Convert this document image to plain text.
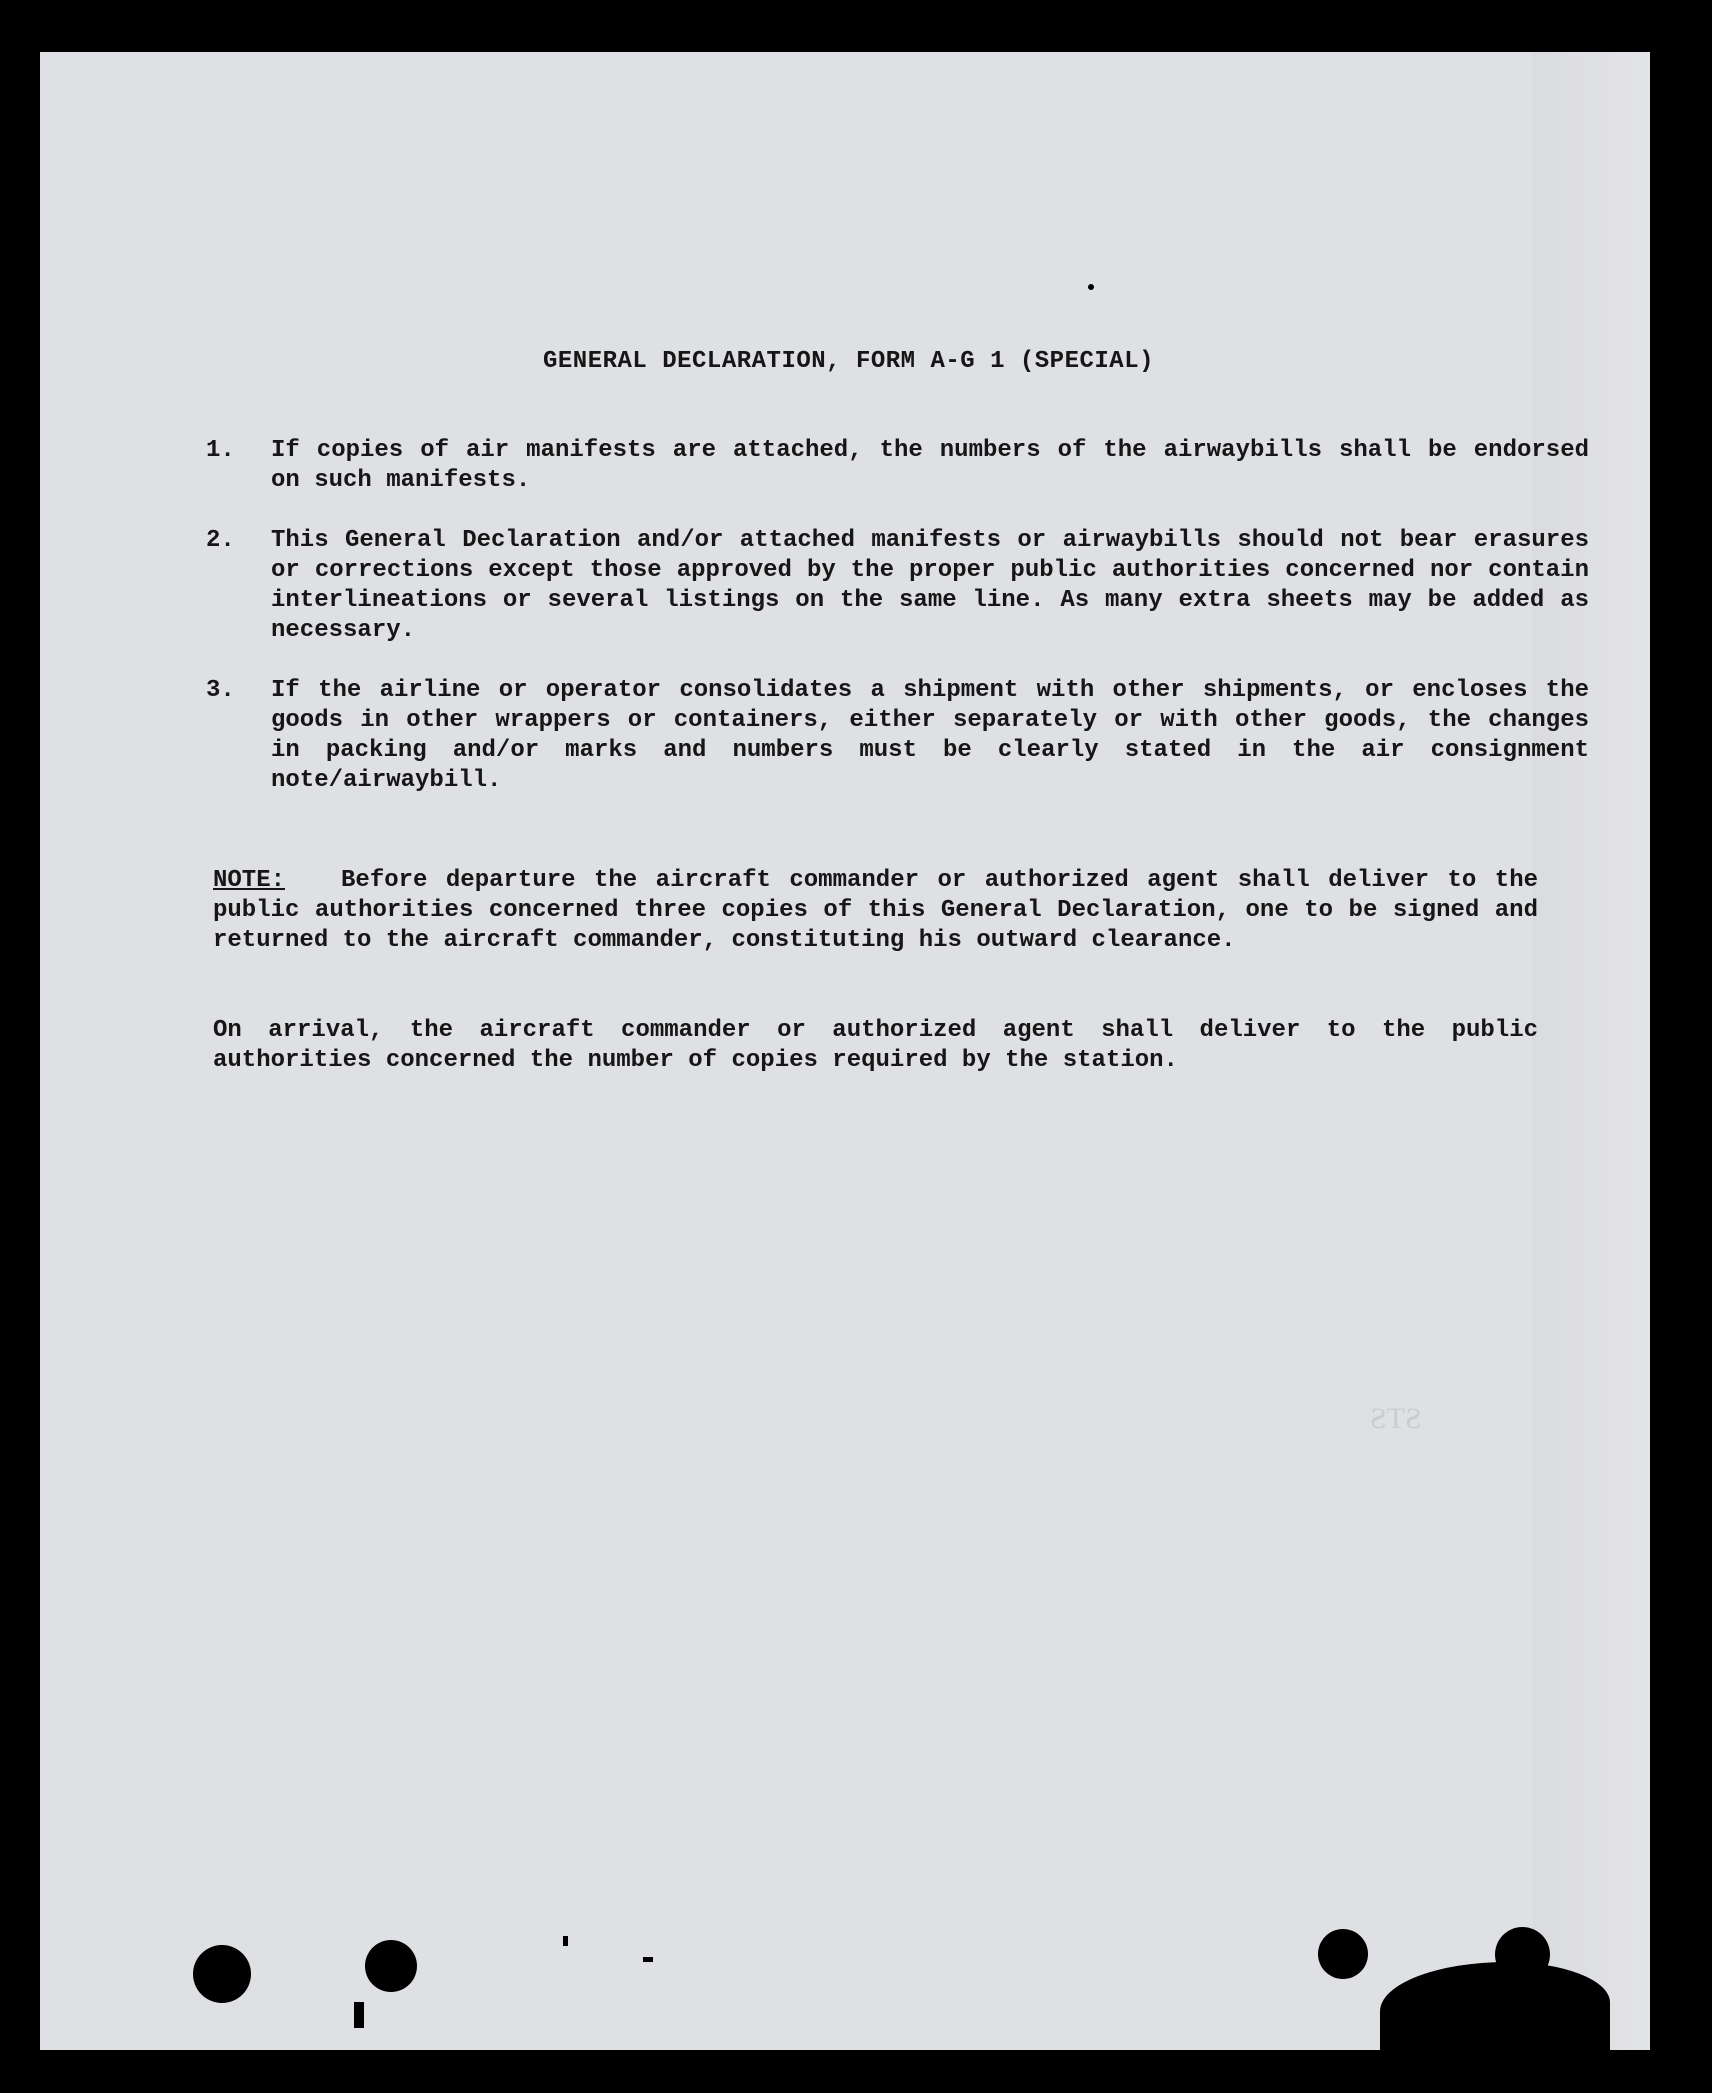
ƧTƧ
GENERAL DECLARATION, FORM A-G 1 (SPECIAL)
1. If copies of air manifests are attached, the numbers of the airwaybills shall be endorsed on such manifests.
2. This General Declaration and/or attached manifests or airwaybills should not bear erasures or corrections except those approved by the proper public authorities concerned nor contain interlineations or several listings on the same line. As many extra sheets may be added as necessary.
3. If the airline or operator consolidates a shipment with other shipments, or encloses the goods in other wrappers or containers, either separately or with other goods, the changes in packing and/or marks and numbers must be clearly stated in the air consignment note/airwaybill.
NOTE: Before departure the aircraft commander or authorized agent shall deliver to the public authorities concerned three copies of this General Declaration, one to be signed and returned to the aircraft commander, constituting his outward clearance.
On arrival, the aircraft commander or authorized agent shall deliver to the public authorities concerned the number of copies required by the station.
